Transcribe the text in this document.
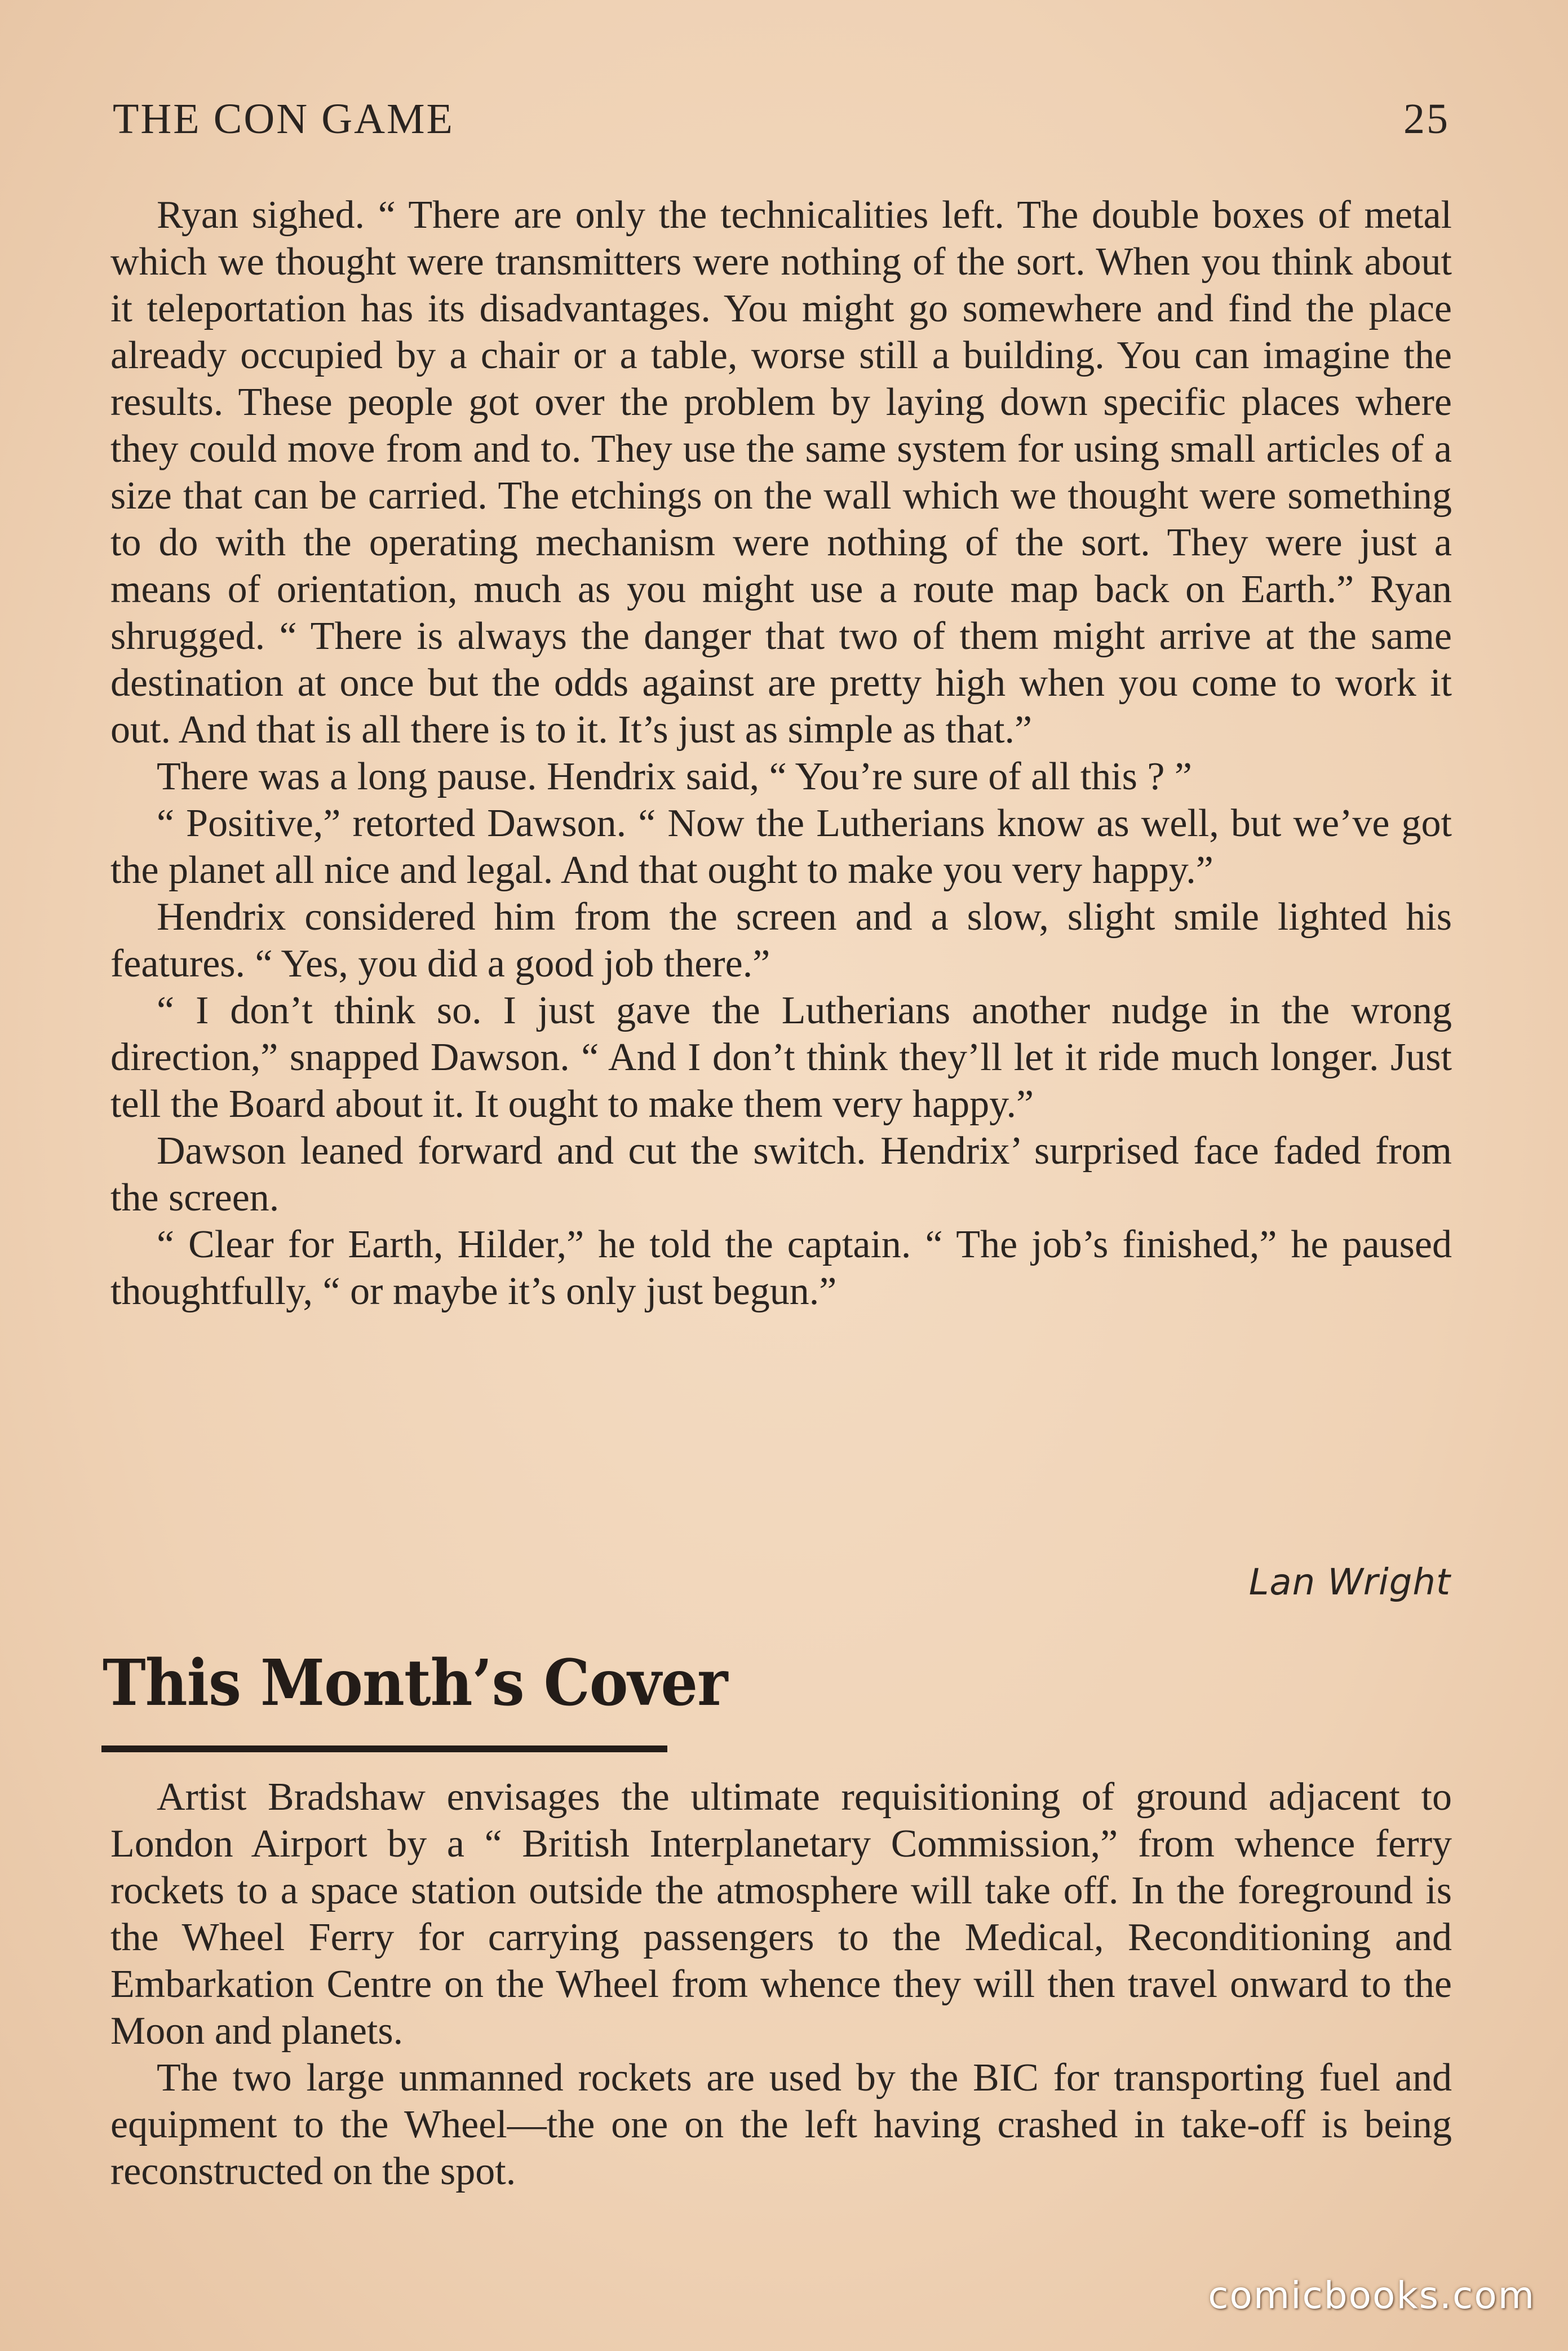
THE CON GAME	25

Ryan sighed. “ There are only the technicalities left. The double boxes of metal which we thought were transmitters were nothing of the sort. When you think about it teleportation has its disadvantages. You might go somewhere and find the place already occupied by a chair or a table, worse still a building. You can imagine the results. These people got over the problem by laying down specific places where they could move from and to. They use the same system for using small articles of a size that can be carried. The etchings on the wall which we thought were something to do with the operating mechanism were nothing of the sort. They were just a means of orientation, much as you might use a route map back on Earth.” Ryan shrugged. “ There is always the danger that two of them might arrive at the same destination at once but the odds against are pretty high when you come to work it out. And that is all there is to it. It’s just as simple as that.”

There was a long pause. Hendrix said, “ You’re sure of all this ? ”

“ Positive,” retorted Dawson. “ Now the Lutherians know as well, but we’ve got the planet all nice and legal. And that ought to make you very happy.”

Hendrix considered him from the screen and a slow, slight smile lighted his features. “ Yes, you did a good job there.”

“ I don’t think so. I just gave the Lutherians another nudge in the wrong direction,” snapped Dawson. “ And I don’t think they’ll let it ride much longer. Just tell the Board about it. It ought to make them very happy.”

Dawson leaned forward and cut the switch. Hendrix’ surprised face faded from the screen.

“ Clear for Earth, Hilder,” he told the captain. “ The job’s finished,” he paused thoughtfully, “ or maybe it’s only just begun.”

Lan Wright
This Month’s Cover

Artist Bradshaw envisages the ultimate requisitioning of ground adjacent to London Airport by a “ British Interplanetary Commission,” from whence ferry rockets to a space station outside the atmosphere will take off. In the foreground is the Wheel Ferry for carrying passengers to the Medical, Reconditioning and Embarkation Centre on the Wheel from whence they will then travel onward to the Moon and planets.

The two large unmanned rockets are used by the BIC for transporting fuel and equipment to the Wheel—the one on the left having crashed in take-off is being reconstructed on the spot.

comicbooks.com
